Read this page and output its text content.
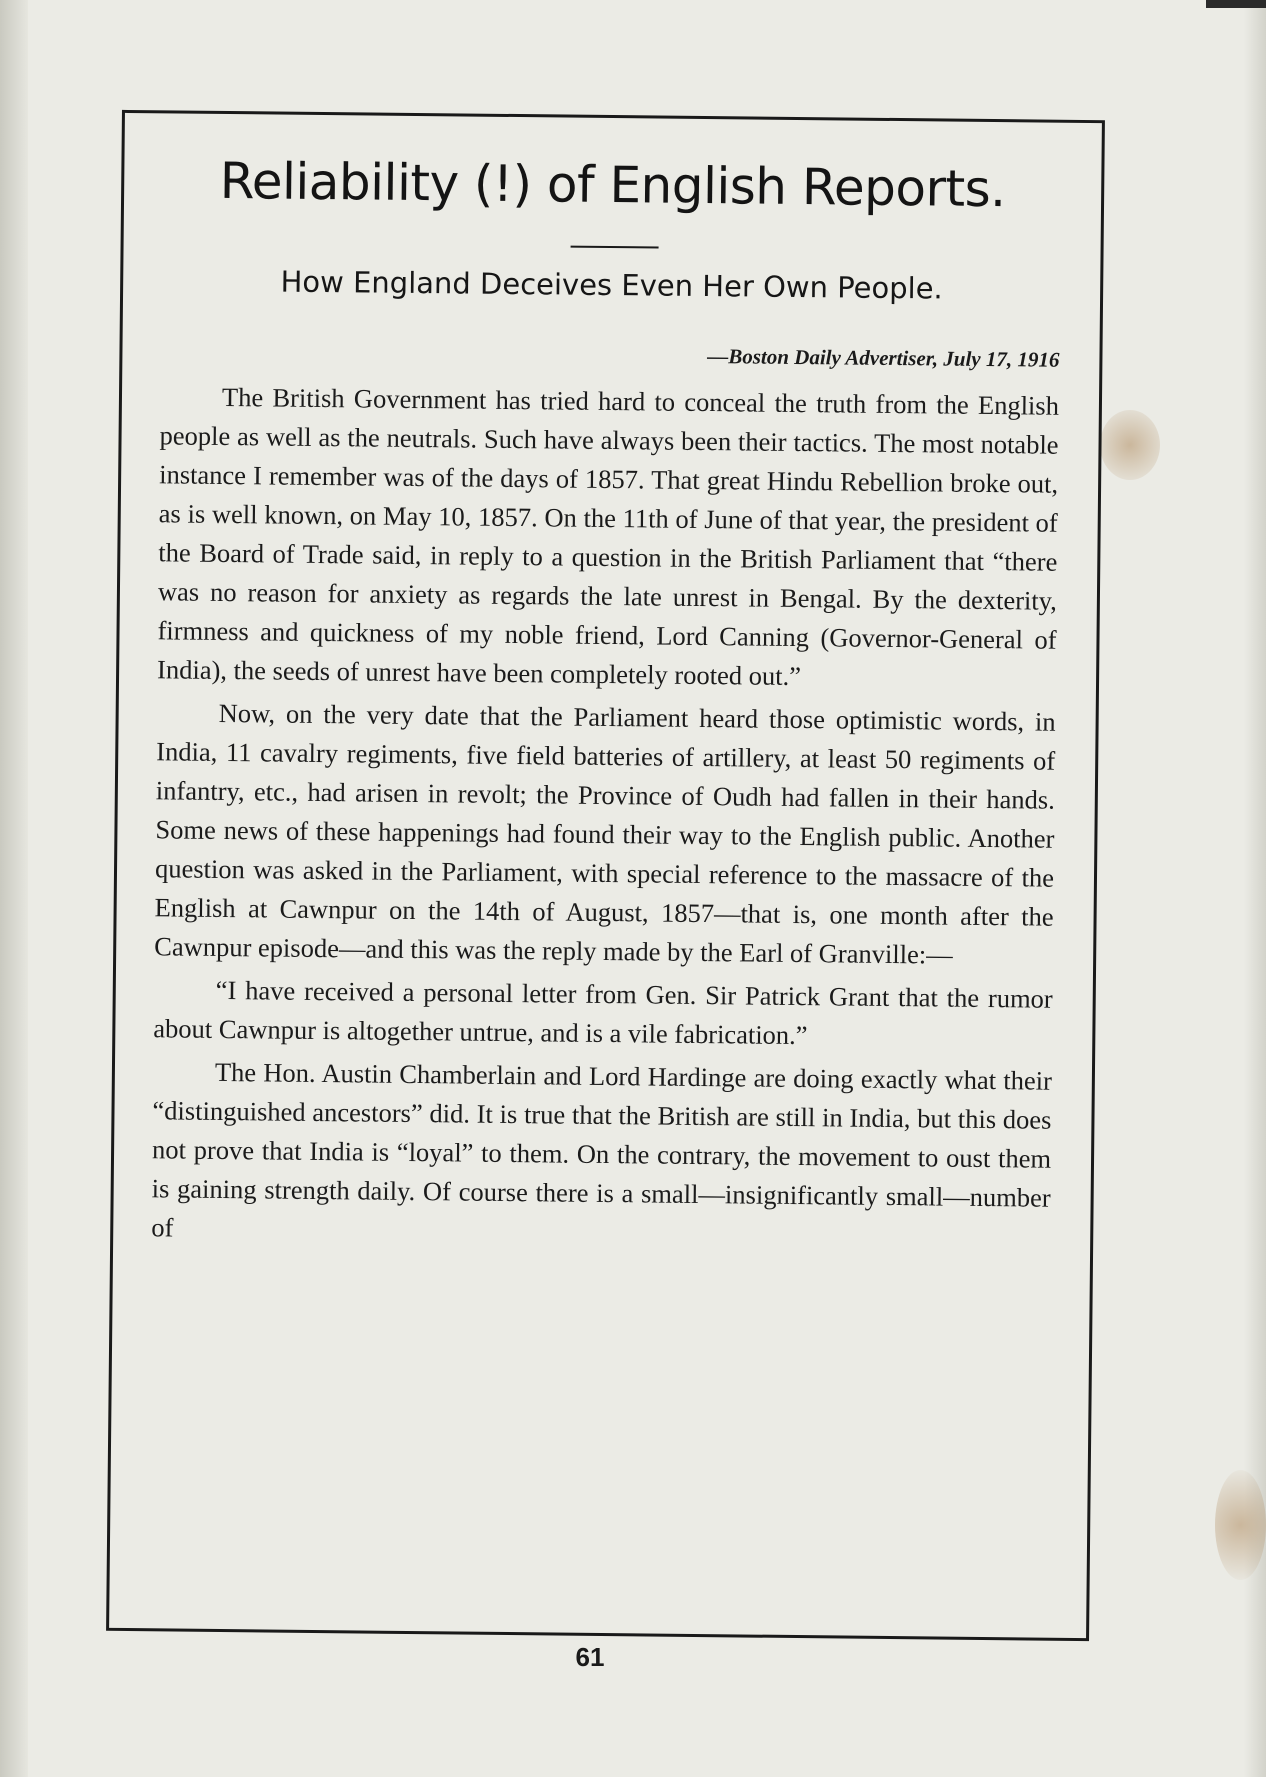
Reliability (!) of English Reports.
How England Deceives Even Her Own People.
—Boston Daily Advertiser, July 17, 1916

The British Government has tried hard to conceal the truth from the English people as well as the neutrals. Such have always been their tactics. The most notable instance I remember was of the days of 1857. That great Hindu Rebellion broke out, as is well known, on May 10, 1857. On the 11th of June of that year, the president of the Board of Trade said, in reply to a question in the British Parliament that “there was no reason for anxiety as regards the late unrest in Bengal. By the dexterity, firmness and quickness of my noble friend, Lord Canning (Governor-General of India), the seeds of unrest have been completely rooted out.”

Now, on the very date that the Parliament heard those optimistic words, in India, 11 cavalry regiments, five field batteries of artillery, at least 50 regiments of infantry, etc., had arisen in revolt; the Province of Oudh had fallen in their hands. Some news of these happenings had found their way to the English public. Another question was asked in the Parliament, with special reference to the massacre of the English at Cawnpur on the 14th of August, 1857—that is, one month after the Cawnpur episode—and this was the reply made by the Earl of Granville:—

“I have received a personal letter from Gen. Sir Patrick Grant that the rumor about Cawnpur is altogether untrue, and is a vile fabrication.”

The Hon. Austin Chamberlain and Lord Hardinge are doing exactly what their “distinguished ancestors” did. It is true that the British are still in India, but this does not prove that India is “loyal” to them. On the contrary, the movement to oust them is gaining strength daily. Of course there is a small—insignificantly small—number of

61
